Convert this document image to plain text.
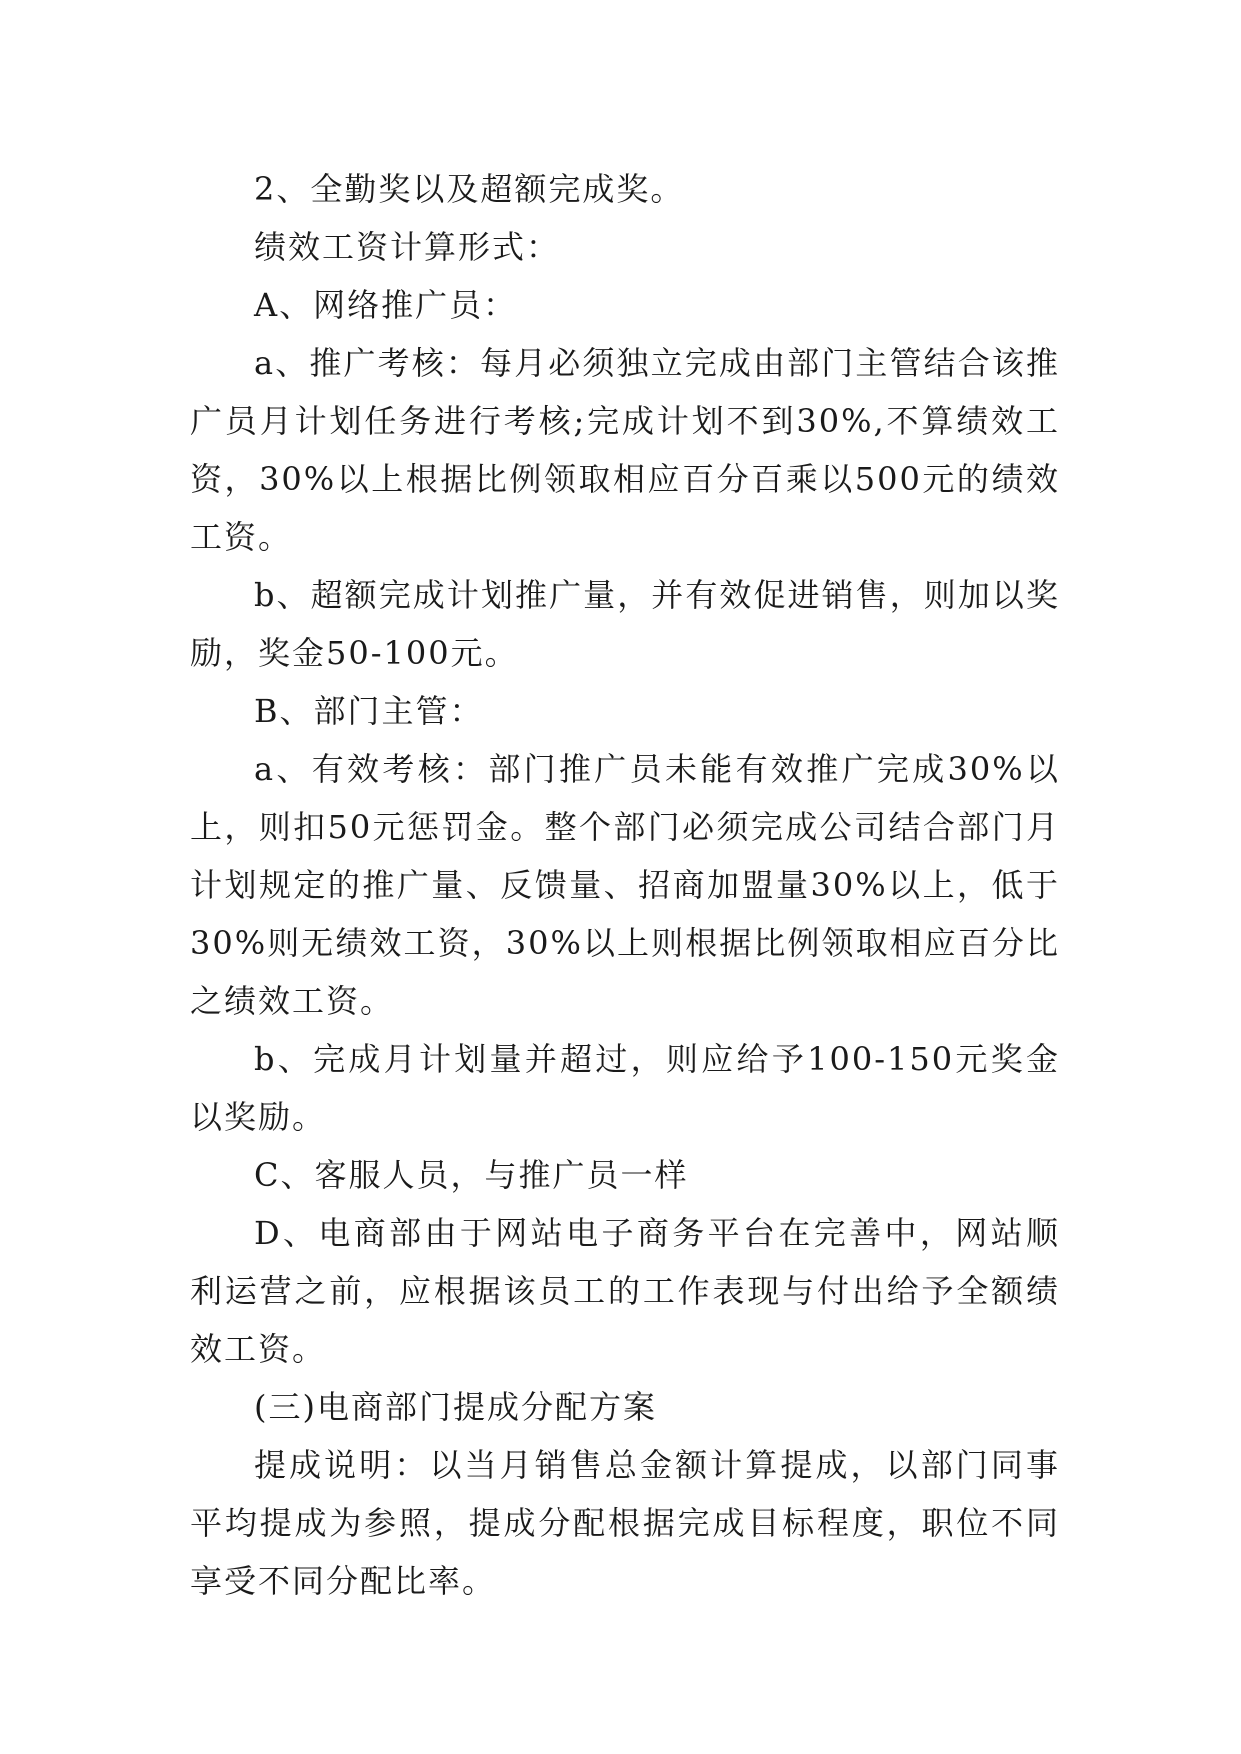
2、全勤奖以及超额完成奖。

绩效工资计算形式：

A、网络推广员：

a、推广考核：每月必须独立完成由部门主管结合该推广员月计划任务进行考核;完成计划不到30%,不算绩效工资，30%以上根据比例领取相应百分百乘以500元的绩效工资。

b、超额完成计划推广量，并有效促进销售，则加以奖励，奖金50-100元。

B、部门主管：

a、有效考核：部门推广员未能有效推广完成30%以上，则扣50元惩罚金。整个部门必须完成公司结合部门月计划规定的推广量、反馈量、招商加盟量30%以上，低于30%则无绩效工资，30%以上则根据比例领取相应百分比之绩效工资。

b、完成月计划量并超过，则应给予100-150元奖金以奖励。

C、客服人员，与推广员一样

D、电商部由于网站电子商务平台在完善中，网站顺利运营之前，应根据该员工的工作表现与付出给予全额绩效工资。

(三)电商部门提成分配方案

提成说明：以当月销售总金额计算提成，以部门同事平均提成为参照，提成分配根据完成目标程度，职位不同享受不同分配比率。
